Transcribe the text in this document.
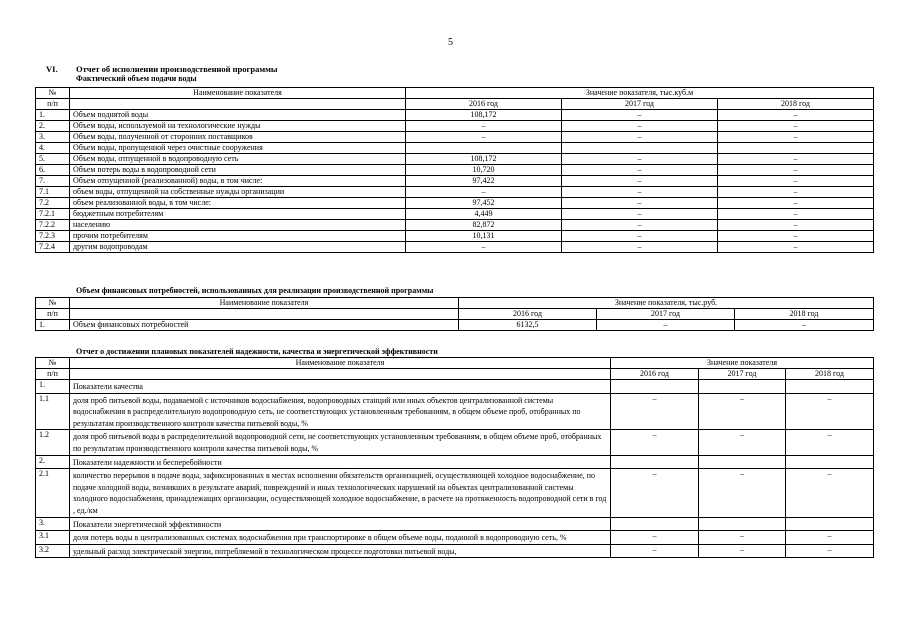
5
VI. Отчет об исполнении производственной программы
Фактический объем подачи воды
№	Наименование показателя	Значение показателя, тыс.куб.м		
п/п		2016 год	2017 год	2018 год
1.	Объем поднятой воды	108,172	–	–
2.	Объем воды, используемой на технологические нужды	–	–	–
3.	Объем воды, полученной от сторонних поставщиков	–	–	–
4.	Объем воды, пропущенной через очистные сооружения			
5.	Объем воды, отпущенной в водопроводную сеть	108,172	–	–
6.	Объем потерь воды в водопроводной сети	10,720	–	–
7.	Объем отпущенной (реализованной) воды, в том числе:	97,422	–	–
7.1	объем воды, отпущенной на собственные нужды организации	–	–	–
7.2	объем реализованной воды, в том числе:	97,452	–	–
7.2.1	бюджетным потребителям	4,449	–	–
7.2.2	населению	82,872	–	–
7.2.3	прочим потребителям	10,131	–	–
7.2.4	другим водопроводам	–	–	–
Объем финансовых потребностей, использованных для реализации производственной программы
№	Наименование показателя	Значение показателя, тыс.руб.		
п/п		2016 год	2017 год	2018 год
1.	Объем финансовых потребностей	6132,5	–	–
Отчет о достижении плановых показателей надежности, качества и энергетической эффективности
№	Наименование показателя	Значение показателя		
п/п		2016 год	2017 год	2018 год
1.	Показатели качества			
1.1	доля проб питьевой воды, подаваемой с источников водоснабжения, водопроводных станций или иных объектов централизованной системы водоснабжения в распределительную водопроводную сеть, не соответствующих установленным требованиям, в общем объеме проб, отобранных по результатам производственного контроля качества питьевой воды, %	–	–	–
1.2	доля проб питьевой воды в распределительной водопроводной сети, не соответствующих установленным требованиям, в общем объеме проб, отобранных по результатам производственного контроля качества питьевой воды, %	–	–	–
2.	Показатели надежности и бесперебойности			
2.1	количество перерывов в подаче воды, зафиксированных в местах исполнения обязательств организацией, осуществляющей холодное водоснабжение, по подаче холодной воды, возникших в результате аварий, повреждений и иных технологических нарушений на объектах централизованной системы холодного водоснабжения, принадлежащих организации, осуществляющей холодное водоснабжение, в расчете на протяженность водопроводной сети в год , ед./км	–	–	–
3.	Показатели энергетической эффективности			
3.1	доля потерь воды в централизованных системах водоснабжения при транспортировке в общем объеме воды, поданной в водопроводную сеть, %	–	–	–
3.2	удельный расход электрической энергии, потребляемой в технологическом процессе подготовки питьевой воды,	–	–	–
